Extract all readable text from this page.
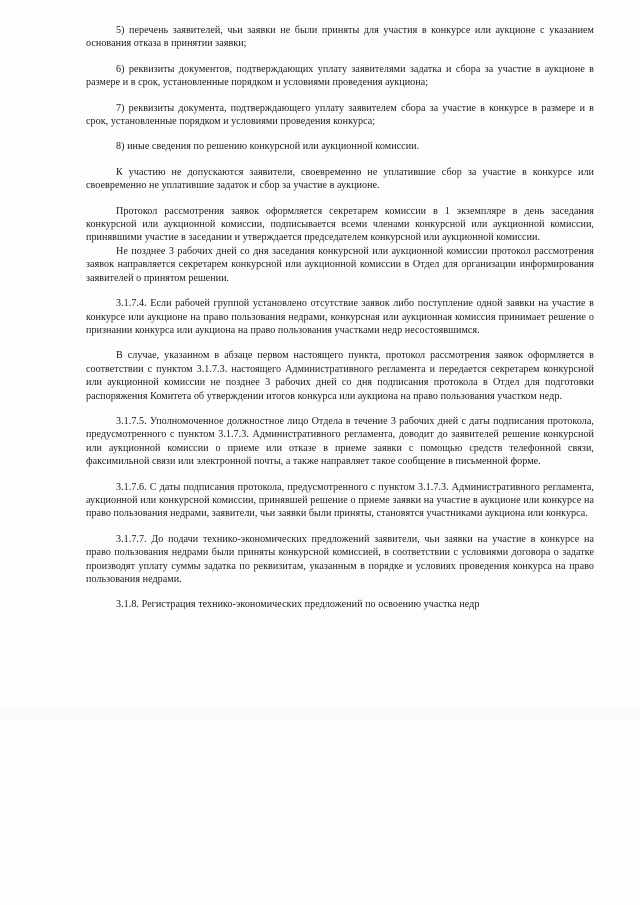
5) перечень заявителей, чьи заявки не были приняты для участия в конкурсе или аукционе с указанием основания отказа в принятии заявки;

6) реквизиты документов, подтверждающих уплату заявителями задатка и сбора за участие в аукционе в размере и в срок, установленные порядком и условиями проведения аукциона;

7) реквизиты документа, подтверждающего уплату заявителем сбора за участие в конкурсе в размере и в срок, установленные порядком и условиями проведения конкурса;

8) иные сведения по решению конкурсной или аукционной комиссии.

К участию не допускаются заявители, своевременно не уплатившие сбор за участие в конкурсе или своевременно не уплатившие задаток и сбор за участие в аукционе.

Протокол рассмотрения заявок оформляется секретарем комиссии в 1 экземпляре в день заседания конкурсной или аукционной комиссии, подписывается всеми членами конкурсной или аукционной комиссии, принявшими участие в заседании и утверждается председателем конкурсной или аукционной комиссии.

Не позднее 3 рабочих дней со дня заседания конкурсной или аукционной комиссии протокол рассмотрения заявок направляется секретарем конкурсной или аукционной комиссии в Отдел для организации информирования заявителей о принятом решении.

3.1.7.4. Если рабочей группой установлено отсутствие заявок либо поступление одной заявки на участие в конкурсе или аукционе на право пользования недрами, конкурсная или аукционная комиссия принимает решение о признании конкурса или аукциона на право пользования участками недр несостоявшимся.

В случае, указанном в абзаце первом настоящего пункта, протокол рассмотрения заявок оформляется в соответствии с пунктом 3.1.7.3. настоящего Административного регламента и передается секретарем конкурсной или аукционной комиссии не позднее 3 рабочих дней со дня подписания протокола в Отдел для подготовки распоряжения Комитета об утверждении итогов конкурса или аукциона на право пользования участком недр.

3.1.7.5. Уполномоченное должностное лицо Отдела в течение 3 рабочих дней с даты подписания протокола, предусмотренного с пунктом 3.1.7.3. Административного регламента, доводит до заявителей решение конкурсной или аукционной комиссии о приеме или отказе в приеме заявки с помощью средств телефонной связи, факсимильной связи или электронной почты, а также направляет такое сообщение в письменной форме.

3.1.7.6. С даты подписания протокола, предусмотренного с пунктом 3.1.7.3. Административного регламента, аукционной или конкурсной комиссии, принявшей решение о приеме заявки на участие в аукционе или конкурсе на право пользования недрами, заявители, чьи заявки были приняты, становятся участниками аукциона или конкурса.

3.1.7.7. До подачи технико-экономических предложений заявители, чьи заявки на участие в конкурсе на право пользования недрами были приняты конкурсной комиссией, в соответствии с условиями договора о задатке производят уплату суммы задатка по реквизитам, указанным в порядке и условиях проведения конкурса на право пользования недрами.

3.1.8. Регистрация технико-экономических предложений по освоению участка недр
